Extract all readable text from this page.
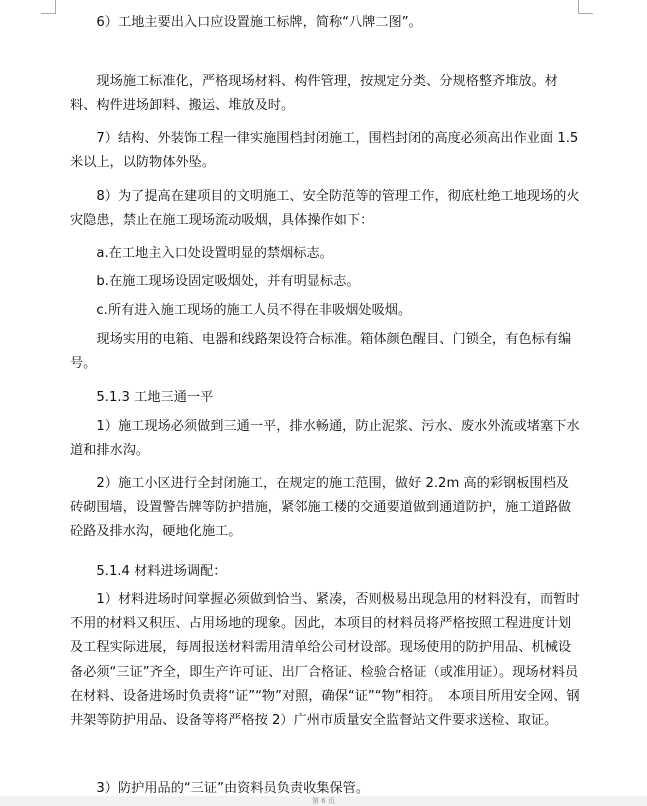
6）工地主要出入口应设置施工标牌，简称“八牌二图”。
现场施工标准化，严格现场材料、构件管理，按规定分类、分规格整齐堆放。材料、构件进场卸料、搬运、堆放及时。
7）结构、外装饰工程一律实施围档封闭施工，围档封闭的高度必须高出作业面 1.5 米以上，以防物体外坠。
8）为了提高在建项目的文明施工、安全防范等的管理工作，彻底杜绝工地现场的火灾隐患，禁止在施工现场流动吸烟，具体操作如下：
a.在工地主入口处设置明显的禁烟标志。
b.在施工现场设固定吸烟处，并有明显标志。
c.所有进入施工现场的施工人员不得在非吸烟处吸烟。
现场实用的电箱、电器和线路架设符合标准。箱体颜色醒目、门锁全，有色标有编号。
5.1.3 工地三通一平
1）施工现场必须做到三通一平，排水畅通，防止泥浆、污水、废水外流或堵塞下水道和排水沟。
2）施工小区进行全封闭施工，在规定的施工范围，做好 2.2m 高的彩钢板围档及砖砌围墙，设置警告牌等防护措施，紧邻施工楼的交通要道做到通道防护，施工道路做砼路及排水沟，硬地化施工。
5.1.4 材料进场调配：
1）材料进场时间掌握必须做到恰当、紧凑，否则极易出现急用的材料没有，而暂时不用的材料又积压、占用场地的现象。因此，本项目的材料员将严格按照工程进度计划及工程实际进展，每周报送材料需用清单给公司材设部。现场使用的防护用品、机械设备必须“三证”齐全，即生产许可证、出厂合格证、检验合格证（或准用证）。现场材料员在材料、设备进场时负责将“证”“物”对照，确保“证”“物”相符。　本项目所用安全网、钢井架等防护用品、设备等将严格按 2）广州市质量安全监督站文件要求送检、取证。
3）防护用品的“三证”由资料员负责收集保管。
第 6 页
